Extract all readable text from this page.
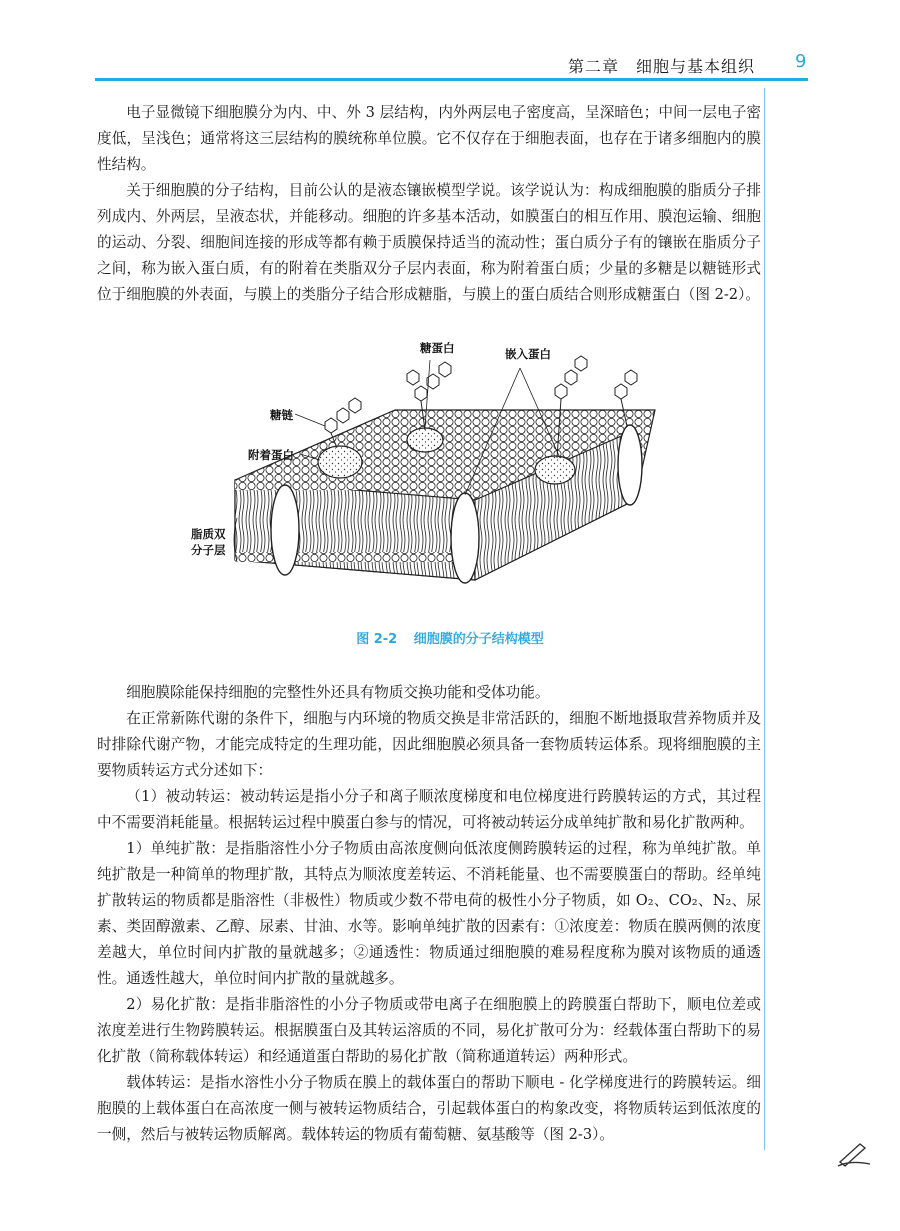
第二章　细胞与基本组织 9

电子显微镜下细胞膜分为内、中、外 3 层结构，内外两层电子密度高，呈深暗色；中间一层电子密度低，呈浅色；通常将这三层结构的膜统称单位膜。它不仅存在于细胞表面，也存在于诸多细胞内的膜性结构。

关于细胞膜的分子结构，目前公认的是液态镶嵌模型学说。该学说认为：构成细胞膜的脂质分子排列成内、外两层，呈液态状，并能移动。细胞的许多基本活动，如膜蛋白的相互作用、膜泡运输、细胞的运动、分裂、细胞间连接的形成等都有赖于质膜保持适当的流动性；蛋白质分子有的镶嵌在脂质分子之间，称为嵌入蛋白质，有的附着在类脂双分子层内表面，称为附着蛋白质；少量的多糖是以糖链形式位于细胞膜的外表面，与膜上的类脂分子结合形成糖脂，与膜上的蛋白质结合则形成糖蛋白（图 2-2）。

糖蛋白	嵌入蛋白
糖链
附着蛋白
脂质双
分子层
图 2-2 细胞膜的分子结构模型

细胞膜除能保持细胞的完整性外还具有物质交换功能和受体功能。

在正常新陈代谢的条件下，细胞与内环境的物质交换是非常活跃的，细胞不断地摄取营养物质并及时排除代谢产物，才能完成特定的生理功能，因此细胞膜必须具备一套物质转运体系。现将细胞膜的主要物质转运方式分述如下：

（1）被动转运：被动转运是指小分子和离子顺浓度梯度和电位梯度进行跨膜转运的方式，其过程中不需要消耗能量。根据转运过程中膜蛋白参与的情况，可将被动转运分成单纯扩散和易化扩散两种。

1）单纯扩散：是指脂溶性小分子物质由高浓度侧向低浓度侧跨膜转运的过程，称为单纯扩散。单纯扩散是一种简单的物理扩散，其特点为顺浓度差转运、不消耗能量、也不需要膜蛋白的帮助。经单纯扩散转运的物质都是脂溶性（非极性）物质或少数不带电荷的极性小分子物质，如 O₂、CO₂、N₂、尿素、类固醇激素、乙醇、尿素、甘油、水等。影响单纯扩散的因素有：①浓度差：物质在膜两侧的浓度差越大，单位时间内扩散的量就越多；②通透性：物质通过细胞膜的难易程度称为膜对该物质的通透性。通透性越大，单位时间内扩散的量就越多。

2）易化扩散：是指非脂溶性的小分子物质或带电离子在细胞膜上的跨膜蛋白帮助下，顺电位差或浓度差进行生物跨膜转运。根据膜蛋白及其转运溶质的不同，易化扩散可分为：经载体蛋白帮助下的易化扩散（简称载体转运）和经通道蛋白帮助的易化扩散（简称通道转运）两种形式。

载体转运：是指水溶性小分子物质在膜上的载体蛋白的帮助下顺电 - 化学梯度进行的跨膜转运。细胞膜的上载体蛋白在高浓度一侧与被转运物质结合，引起载体蛋白的构象改变，将物质转运到低浓度的一侧，然后与被转运物质解离。载体转运的物质有葡萄糖、氨基酸等（图 2-3）。
